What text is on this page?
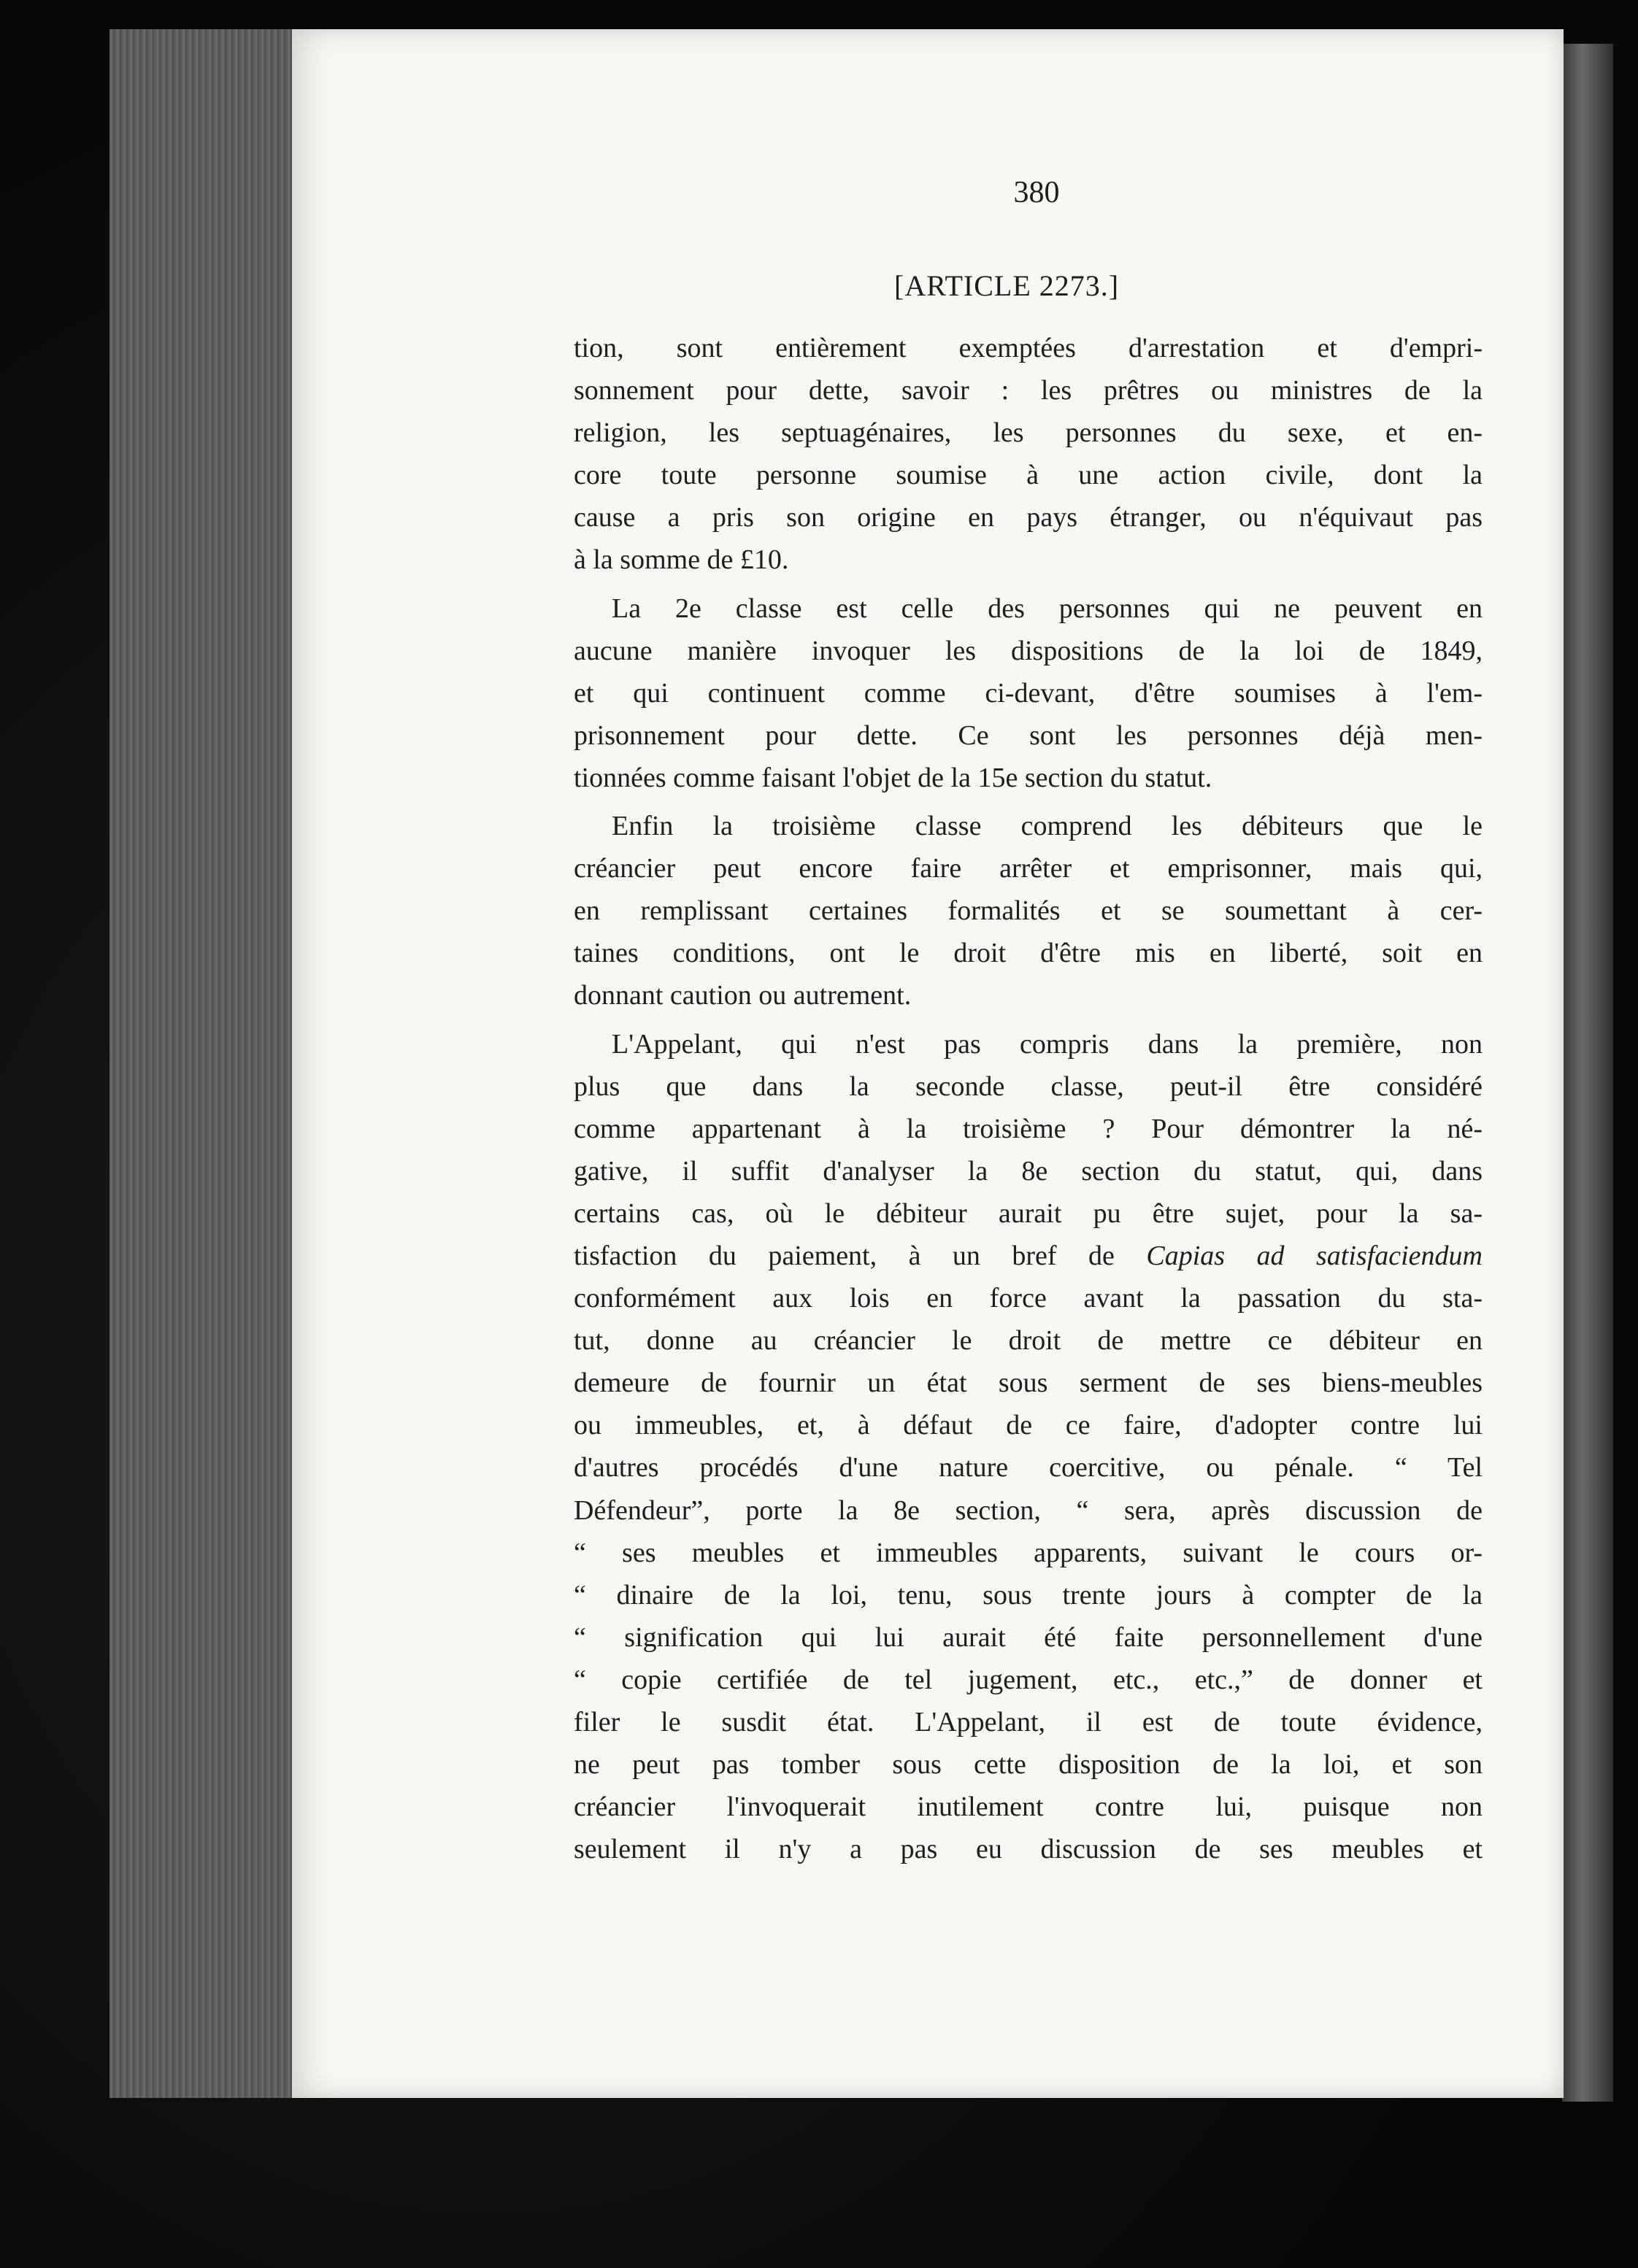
380
[ARTICLE 2273.]

tion, sont entièrement exemptées d'arrestation et d'empri-

sonnement pour dette, savoir : les prêtres ou ministres de la

religion, les septuagénaires, les personnes du sexe, et en-

core toute personne soumise à une action civile, dont la

cause a pris son origine en pays étranger, ou n'équivaut pas

à la somme de £10.

La 2e classe est celle des personnes qui ne peuvent en

aucune manière invoquer les dispositions de la loi de 1849,

et qui continuent comme ci-devant, d'être soumises à l'em-

prisonnement pour dette. Ce sont les personnes déjà men-

tionnées comme faisant l'objet de la 15e section du statut.

Enfin la troisième classe comprend les débiteurs que le

créancier peut encore faire arrêter et emprisonner, mais qui,

en remplissant certaines formalités et se soumettant à cer-

taines conditions, ont le droit d'être mis en liberté, soit en

donnant caution ou autrement.

L'Appelant, qui n'est pas compris dans la première, non

plus que dans la seconde classe, peut-il être considéré

comme appartenant à la troisième ? Pour démontrer la né-

gative, il suffit d'analyser la 8e section du statut, qui, dans

certains cas, où le débiteur aurait pu être sujet, pour la sa-

tisfaction du paiement, à un bref de Capias ad satisfaciendum

conformément aux lois en force avant la passation du sta-

tut, donne au créancier le droit de mettre ce débiteur en

demeure de fournir un état sous serment de ses biens-meubles

ou immeubles, et, à défaut de ce faire, d'adopter contre lui

d'autres procédés d'une nature coercitive, ou pénale. “ Tel

Défendeur”, porte la 8e section, “ sera, après discussion de

“ ses meubles et immeubles apparents, suivant le cours or-

“ dinaire de la loi, tenu, sous trente jours à compter de la

“ signification qui lui aurait été faite personnellement d'une

“ copie certifiée de tel jugement, etc., etc.,” de donner et

filer le susdit état. L'Appelant, il est de toute évidence,

ne peut pas tomber sous cette disposition de la loi, et son

créancier l'invoquerait inutilement contre lui, puisque non

seulement il n'y a pas eu discussion de ses meubles et
